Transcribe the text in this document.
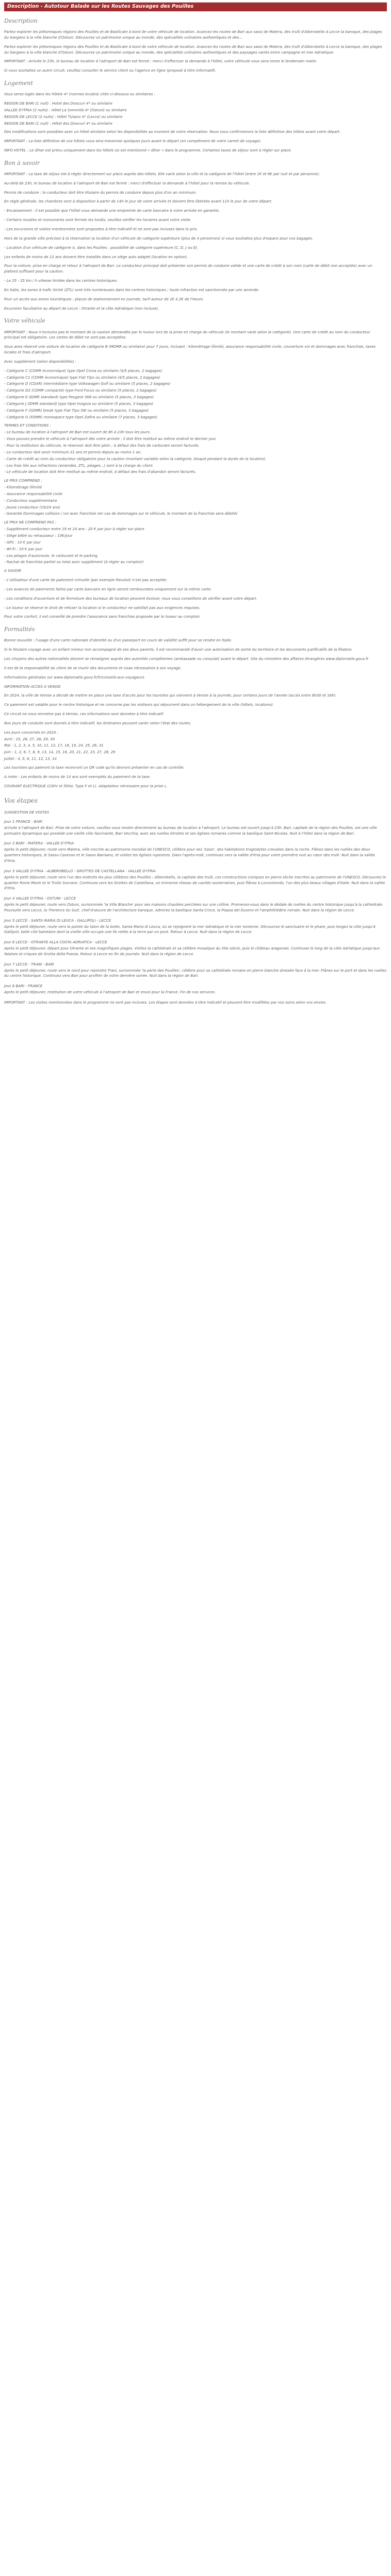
Description - Autotour Balade sur les Routes Sauvages des Pouilles
Description

Partez explorer les pittoresques régions des Pouilles et de Basilicate à bord de votre véhicule de location. Avancez les routes de Bari aux sassi de Matera, des trulli d'Alberobello à Lecce la baroque, des plages du Gargano à la ville blanche d'Ostuni. Découvrez un patrimoine unique au monde, des spécialités culinaires authentiques et des...

Partez explorer les pittoresques régions des Pouilles et de Basilicate à bord de votre véhicule de location. Avancez les routes de Bari aux sassi de Matera, des trulli d'Alberobello à Lecce la baroque, des plages du Gargano à la ville blanche d'Ostuni. Découvrez un patrimoine unique au monde, des spécialités culinaires authentiques et des paysages variés entre campagne et mer Adriatique.

IMPORTANT : Arrivée le 23h, le bureau de location à l'aéroport de Bari est fermé : merci d'effectuer la demande à l'hôtel, votre véhicule vous sera remis le lendemain matin.

Si vous souhaitez un autre circuit, veuillez consulter le service client ou l'agence en ligne (proposé à titre informatif).

Logement

Vous serez logés dans les hôtels 4* (normes locales) cités ci-dessous ou similaires :

REGION DE BARI (1 nuit) : Hotel des Dioscuri 4* ou similaire

VALLEE D'ITRIA (2 nuits) : Hôtel La Sommità 4* (Ostuni) ou similaire

REGION DE LECCE (2 nuits) : Hôtel Tiziano 4* (Lecce) ou similaire

REGION DE BARI (1 nuit) : Hôtel des Dioscuri 4* ou similaire

Des modifications sont possibles avec un hôtel similaire selon les disponibilités au moment de votre réservation. Nous vous confirmerons la liste définitive des hôtels avant votre départ.

IMPORTANT : La liste définitive de vos hôtels vous sera transmise quelques jours avant le départ (en complément de votre carnet de voyage).

INFO HOTEL : Le dîner est prévu uniquement dans les hôtels où est mentionné « dîner » dans le programme. Certaines taxes de séjour sont à régler sur place.

Bon à savoir

IMPORTANT : La taxe de séjour est à régler directement sur place auprès des hôtels. Elle varie selon la ville et la catégorie de l'hôtel (entre 1€ et 6€ par nuit et par personne).

Au-delà de 23h, le bureau de location à l'aéroport de Bari est fermé : merci d'effectuer la demande à l'hôtel pour la remise du véhicule.

Permis de conduire : le conducteur doit être titulaire du permis de conduire depuis plus d'un an minimum.

En règle générale, les chambres sont à disposition à partir de 14h le jour de votre arrivée et doivent être libérées avant 11h le jour de votre départ.

- Encaissement : il est possible que l'hôtel vous demande une empreinte de carte bancaire à votre arrivée en garantie.

- Certains musées et monuments sont fermés les lundis, veuillez vérifier les horaires avant votre visite.

- Les excursions et visites mentionnées sont proposées à titre indicatif et ne sont pas incluses dans le prix.

Hors de la grande ville précisez à la réservation la location d'un véhicule de catégorie supérieure (plus de 4 personnes) si vous souhaitez plus d'espace pour vos bagages.

- Location d'un véhicule de catégorie A, dans les Pouilles : possibilité de catégorie supérieure (C, D, J ou E).

Les enfants de moins de 12 ans doivent être installés dans un siège auto adapté (location en option).

Pour la voiture, prise en charge et retour à l'aéroport de Bari. Le conducteur principal doit présenter son permis de conduire valide et une carte de crédit à son nom (carte de débit non acceptée) avec un plafond suffisant pour la caution.

- Le 25 - 25 km / h vitesse limitée dans les centres historiques.

En Italie, les zones à trafic limité (ZTL) sont très nombreuses dans les centres historiques ; toute infraction est sanctionnée par une amende.

Pour un accès aux zones touristiques : places de stationnement en journée, tarif autour de 1€ à 2€ de l'heure.

Excursion facultative au départ de Lecce : Otrante et la côte Adriatique (non incluse).

Votre véhicule

IMPORTANT : Nous n'incluons pas le montant de la caution demandée par le loueur lors de la prise en charge du véhicule (le montant varie selon la catégorie). Une carte de crédit au nom du conducteur principal est obligatoire. Les cartes de débit ne sont pas acceptées.

Vous avez réservé une voiture de location de catégorie B (MDMR ou similaire) pour 7 jours, incluant : kilométrage illimité, assurance responsabilité civile, couverture vol et dommages avec franchise, taxes locales et frais d'aéroport.

Avec supplément (selon disponibilités) :

- Catégorie C (CDMR économique) type Opel Corsa ou similaire (4/5 places, 2 bagages)

- Catégorie C1 (CDMR économique) type Fiat Tipo ou similaire (4/5 places, 2 bagages)

- Catégorie D (CDAR) intermédiaire type Volkswagen Golf ou similaire (5 places, 2 bagages)

- Catégorie D2 (CDMR compacte) type Ford Focus ou similaire (5 places, 2 bagages)

- Catégorie E (IDMR standard) type Peugeot 308 ou similaire (5 places, 3 bagages)

- Catégorie J (IDMR standard) type Opel Insignia ou similaire (5 places, 3 bagages)

- Catégorie F (SDMR) break type Fiat Tipo SW ou similaire (5 places, 3 bagages)

- Catégorie G (FDMR) monospace type Opel Zafira ou similaire (7 places, 3 bagages)

TERMES ET CONDITIONS :

- Le bureau de location à l'aéroport de Bari est ouvert de 8h à 23h tous les jours.

- Vous pouvez prendre le véhicule à l'aéroport dès votre arrivée ; il doit être restitué au même endroit le dernier jour.

- Pour la restitution du véhicule, le réservoir doit être plein ; à défaut des frais de carburant seront facturés.

- Le conducteur doit avoir minimum 21 ans et permis depuis au moins 1 an.

- Carte de crédit au nom du conducteur obligatoire pour la caution (montant variable selon la catégorie, bloqué pendant la durée de la location).

- Les frais liés aux infractions (amendes, ZTL, péages...) sont à la charge du client.

- Le véhicule de location doit être restitué au même endroit, à défaut des frais d'abandon seront facturés.

LE PRIX COMPREND :

- Kilométrage illimité

- Assurance responsabilité civile

- Conducteur supplémentaire

- Jeune conducteur (19/24 ans)

- Garantie Dommages collision / vol avec franchise (en cas de dommages sur le véhicule, le montant de la franchise sera débité)

LE PRIX NE COMPREND PAS :

- Supplément conducteur entre 19 et 24 ans : 20 € par jour à régler sur place

- Siège bébé ou rehausseur : 10€/jour

- GPS : 10 € par jour

- Wi-Fi : 10 € par jour

- Les péages d'autoroute, le carburant et le parking

- Rachat de franchise partiel ou total avec supplément (à régler au comptoir)

A SAVOIR

- L'utilisateur d'une carte de paiement virtuelle (par exemple Revolut) n'est pas acceptée.

- Les avances de paiements faites par carte bancaire en ligne seront remboursées uniquement sur la même carte.

- Les conditions d'ouverture et de fermeture des bureaux de location peuvent évoluer, nous vous conseillons de vérifier avant votre départ.

- Le loueur se réserve le droit de refuser la location si le conducteur ne satisfait pas aux exigences requises.

Pour votre confort, il est conseillé de prendre l'assurance sans franchise proposée par le loueur au comptoir.

Formalités

Bonne nouvelle : l'usage d'une carte nationale d'identité ou d'un passeport en cours de validité suffit pour se rendre en Italie.

Si le titulaire voyage avec un enfant mineur non accompagné de ses deux parents, il est recommandé d'avoir une autorisation de sortie du territoire et les documents justificatifs de la filiation.

Les citoyens des autres nationalités doivent se renseigner auprès des autorités compétentes (ambassade ou consulat) avant le départ. Site du ministère des affaires étrangères www.diplomatie.gouv.fr

Il est de la responsabilité du client de se munir des documents et visas nécessaires à son voyage.

Informations générales sur www.diplomatie.gouv.fr/fr/conseils-aux-voyageurs

INFORMATION ACCES A VENISE

En 2024, la ville de Venise a décidé de mettre en place une taxe d'accès pour les touristes qui viennent à Venise à la journée, pour certains jours de l'année (accès entre 8h30 et 16h).

Ce paiement est valable pour le centre historique et ne concerne pas les visiteurs qui séjournent dans un hébergement de la ville (hôtels, locations).

Ce circuit ne vous emmène pas à Venise, ces informations sont données à titre indicatif.

Nos jours de conduite sont donnés à titre indicatif, les itinéraires peuvent varier selon l'état des routes.

Les jours concernés en 2024 :

Avril : 25, 26, 27, 28, 29, 30

Mai : 1, 2, 3, 4, 5, 10, 11, 12, 17, 18, 19, 24, 25, 26, 31

Juin : 1, 2, 6, 7, 8, 9, 13, 14, 15, 16, 20, 21, 22, 23, 27, 28, 29

Juillet : 4, 5, 6, 11, 12, 13, 14

Les touristes qui paieront la taxe recevront un QR code qu'ils devront présenter en cas de contrôle.

A noter : Les enfants de moins de 14 ans sont exemptés du paiement de la taxe.

COURANT ELECTRIQUE (230V et 50Hz, Type F et L). Adaptateur nécessaire pour la prise L.

Vos étapes

SUGGESTION DE VISITES

Jour 1 FRANCE - BARI

Arrivée à l'aéroport de Bari. Prise de votre voiture, veuillez vous rendre directement au bureau de location à l'aéroport. Le bureau est ouvert jusqu'à 23h. Bari, capitale de la région des Pouilles, est une ville portuaire dynamique qui possède une vieille ville fascinante, Bari Vecchia, avec ses ruelles étroites et ses églises romanes comme la basilique Saint-Nicolas. Nuit à l'hôtel dans la région de Bari.

Jour 2 BARI - MATERA - VALLEE D'ITRIA

Après le petit déjeuner, route vers Matera, ville inscrite au patrimoine mondial de l'UNESCO, célèbre pour ses 'Sassi', des habitations troglodytes creusées dans la roche. Flânez dans les ruelles des deux quartiers historiques, le Sasso Caveoso et le Sasso Barisano, et visitez les églises rupestres. Dans l'après-midi, continuez vers la vallée d'Itria pour votre première nuit au cœur des trulli. Nuit dans la vallée d'Itria.

Jour 3 VALLEE D'ITRIA - ALBEROBELLO - GROTTES DE CASTELLANA - VALLEE D'ITRIA

Après le petit déjeuner, route vers l'un des endroits les plus célèbres des Pouilles : Alberobello, la capitale des trulli, ces constructions coniques en pierre sèche inscrites au patrimoine de l'UNESCO. Découvrez le quartier Rione Monti et le Trullo Sovrano. Continuez vers les Grottes de Castellana, un immense réseau de cavités souterraines, puis flânez à Locorotondo, l'un des plus beaux villages d'Italie. Nuit dans la vallée d'Itria.

Jour 4 VALLEE D'ITRIA - OSTUNI - LECCE

Après le petit déjeuner, route vers Ostuni, surnommée 'la Ville Blanche' pour ses maisons chaulées perchées sur une colline. Promenez-vous dans le dédale de ruelles du centre historique jusqu'à la cathédrale. Poursuite vers Lecce, la 'Florence du Sud', chef-d'œuvre de l'architecture baroque. Admirez la basilique Santa Croce, la Piazza del Duomo et l'amphithéâtre romain. Nuit dans la région de Lecce.

Jour 5 LECCE - SANTA MARIA DI LEUCA - GALLIPOLI - LECCE

Après le petit déjeuner, route vers la pointe du talon de la botte, Santa Maria di Leuca, où se rejoignent la mer Adriatique et la mer Ionienne. Découvrez le sanctuaire et le phare, puis longez la côte jusqu'à Gallipoli, belle cité balnéaire dont la vieille ville occupe une île reliée à la terre par un pont. Retour à Lecce. Nuit dans la région de Lecce.

Jour 6 LECCE - OTRANTE ALLA COSTA ADRIATICA - LECCE

Après le petit déjeuner, départ pour Otrante et ses magnifiques plages. Visitez la cathédrale et sa célèbre mosaïque du XIIe siècle, puis le château aragonais. Continuez le long de la côte Adriatique jusqu'aux falaises et criques de Grotta della Poesia. Retour à Lecce en fin de journée. Nuit dans la région de Lecce.

Jour 7 LECCE - TRANI - BARI

Après le petit déjeuner, route vers le nord pour rejoindre Trani, surnommée 'la perle des Pouilles', célèbre pour sa cathédrale romane en pierre blanche dressée face à la mer. Flânez sur le port et dans les ruelles du centre historique. Continuez vers Bari pour profiter de votre dernière soirée. Nuit dans la région de Bari.

Jour 8 BARI - FRANCE

Après le petit déjeuner, restitution de votre véhicule à l'aéroport de Bari et envol pour la France. Fin de nos services.

IMPORTANT : Les visites mentionnées dans le programme ne sont pas incluses. Les étapes sont données à titre indicatif et peuvent être modifiées par vos soins selon vos envies.
